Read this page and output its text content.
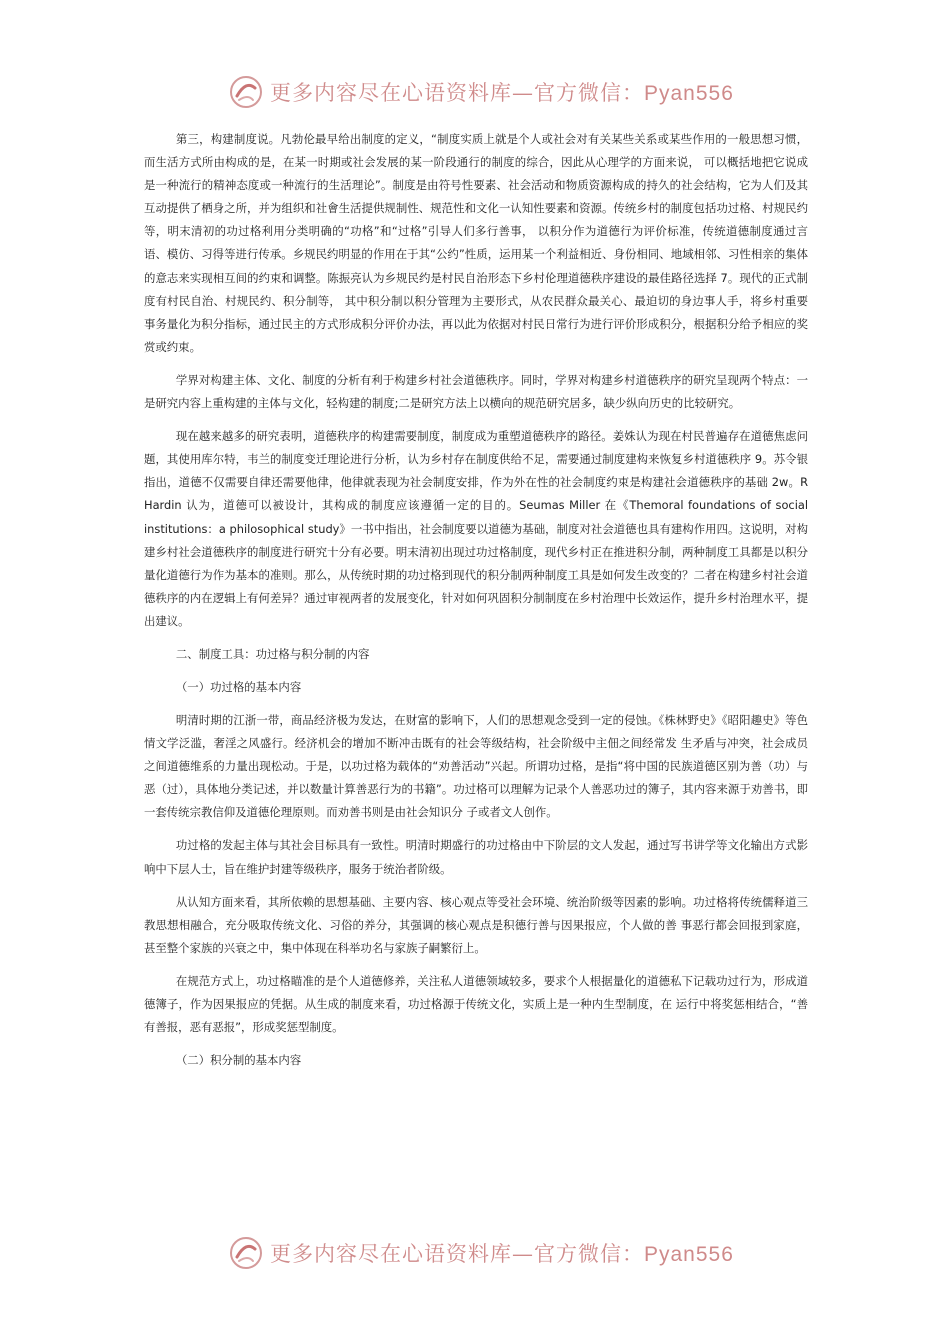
更多内容尽在心语资料库—官方微信：Pyan556

第三，构建制度说。凡勃伦最早给出制度的定义，“制度实质上就是个人或社会对有关某些关系或某些作用的一般思想习惯，而生活方式所由构成的是，在某一时期或社会发展的某一阶段通行的制度的综合，因此从心理学的方面来说， 可以概括地把它说成是一种流行的精神态度或一种流行的生活理论”。制度是由符号性要素、社会活动和物质资源构成的持久的社会结构，它为人们及其互动提供了栖身之所，并为组织和社會生活提供规制性、规范性和文化一认知性要素和资源。传统乡村的制度包括功过格、村规民约等，明末清初的功过格利用分类明确的“功格”和“过格”引导人们多行善事， 以积分作为道德行为评价标准，传统道德制度通过言语、模仿、习得等进行传承。乡规民约明显的作用在于其“公约”性质，运用某一个利益相近、身份相同、地域相邻、习性相亲的集体的意志来实现相互间的约束和调整。陈振亮认为乡规民约是村民自治形态下乡村伦理道德秩序建设的最佳路径选择 7。现代的正式制度有村民自治、村规民约、积分制等， 其中积分制以积分管理为主要形式，从农民群众最关心、最迫切的身边事人手，将乡村重要事务量化为积分指标，通过民主的方式形成积分评价办法，再以此为依据对村民日常行为进行评价形成积分，根据积分给予相应的奖赏或约束。

学界对构建主体、文化、制度的分析有利于构建乡村社会道德秩序。同时，学界对构建乡村道德秩序的研究呈现两个特点：一是研究内容上重构建的主体与文化，轻构建的制度;二是研究方法上以横向的规范研究居多，缺少纵向历史的比较研究。

现在越来越多的研究表明，道德秩序的构建需要制度，制度成为重塑道德秩序的路径。姜姝认为现在村民普遍存在道德焦虑问题，其使用库尔特，韦兰的制度变迁理论进行分析，认为乡村存在制度供给不足，需要通过制度建构来恢复乡村道德秩序 9。苏令银指出，道德不仅需要自律还需要他律，他律就表现为社会制度安排，作为外在性的社会制度约束是构建社会道德秩序的基础 2w。R Hardin 认为，道德可以被设计，其构成的制度应该遵循一定的目的。Seumas Miller 在《Themoral foundations of social institutions：a philosophical study》一书中指出，社会制度要以道德为基础，制度对社会道德也具有建构作用四。这说明，对构建乡村社会道德秩序的制度进行研究十分有必要。明末清初出现过功过格制度，现代乡村正在推进积分制，两种制度工具都是以积分量化道德行为作为基本的准则。那么，从传统时期的功过格到现代的积分制两种制度工具是如何发生改变的？二者在构建乡村社会道德秩序的内在逻辑上有何差异？通过审视两者的发展变化，针对如何巩固积分制制度在乡村治理中长效运作，提升乡村治理水平，提出建议。

二、制度工具：功过格与积分制的内容

（一）功过格的基本内容

明清时期的江浙一带，商品经济极为发达，在财富的影响下，人们的思想观念受到一定的侵蚀。《株林野史》《昭阳趣史》等色情文学泛滥，奢淫之风盛行。经济机会的增加不断冲击既有的社会等级结构，社会阶级中主佃之间经常发 生矛盾与冲突，社会成员之间道德维系的力量出现松动。于是，以功过格为载体的“劝善活动”兴起。所谓功过格，是指“将中国的民族道德区别为善（功）与恶（过），具体地分类记述，并以数量计算善恶行为的书籍”。功过格可以理解为记录个人善恶功过的簿子，其内容来源于劝善书，即一套传统宗教信仰及道德伦理原则。而劝善书则是由社会知识分 子或者文人创作。

功过格的发起主体与其社会目标具有一致性。明清时期盛行的功过格由中下阶层的文人发起，通过写书讲学等文化输出方式影响中下层人士，旨在维护封建等级秩序，服务于统治者阶级。

从认知方面来看，其所依赖的思想基础、主要内容、核心观点等受社会环境、统治阶级等因素的影响。功过格将传统儒释道三教思想相融合，充分吸取传统文化、习俗的养分，其强调的核心观点是积德行善与因果报应，个人做的善 事恶行都会回报到家庭，甚至整个家族的兴衰之中，集中体现在科举功名与家族子嗣繁衍上。

在规范方式上，功过格瞄准的是个人道德修养，关注私人道德领域较多，要求个人根据量化的道德私下记载功过行为，形成道德簿子，作为因果报应的凭据。从生成的制度来看，功过格源于传统文化，实质上是一种内生型制度，在 运行中将奖惩相结合，“善有善报，恶有恶报”，形成奖惩型制度。

（二）积分制的基本内容

更多内容尽在心语资料库—官方微信：Pyan556
